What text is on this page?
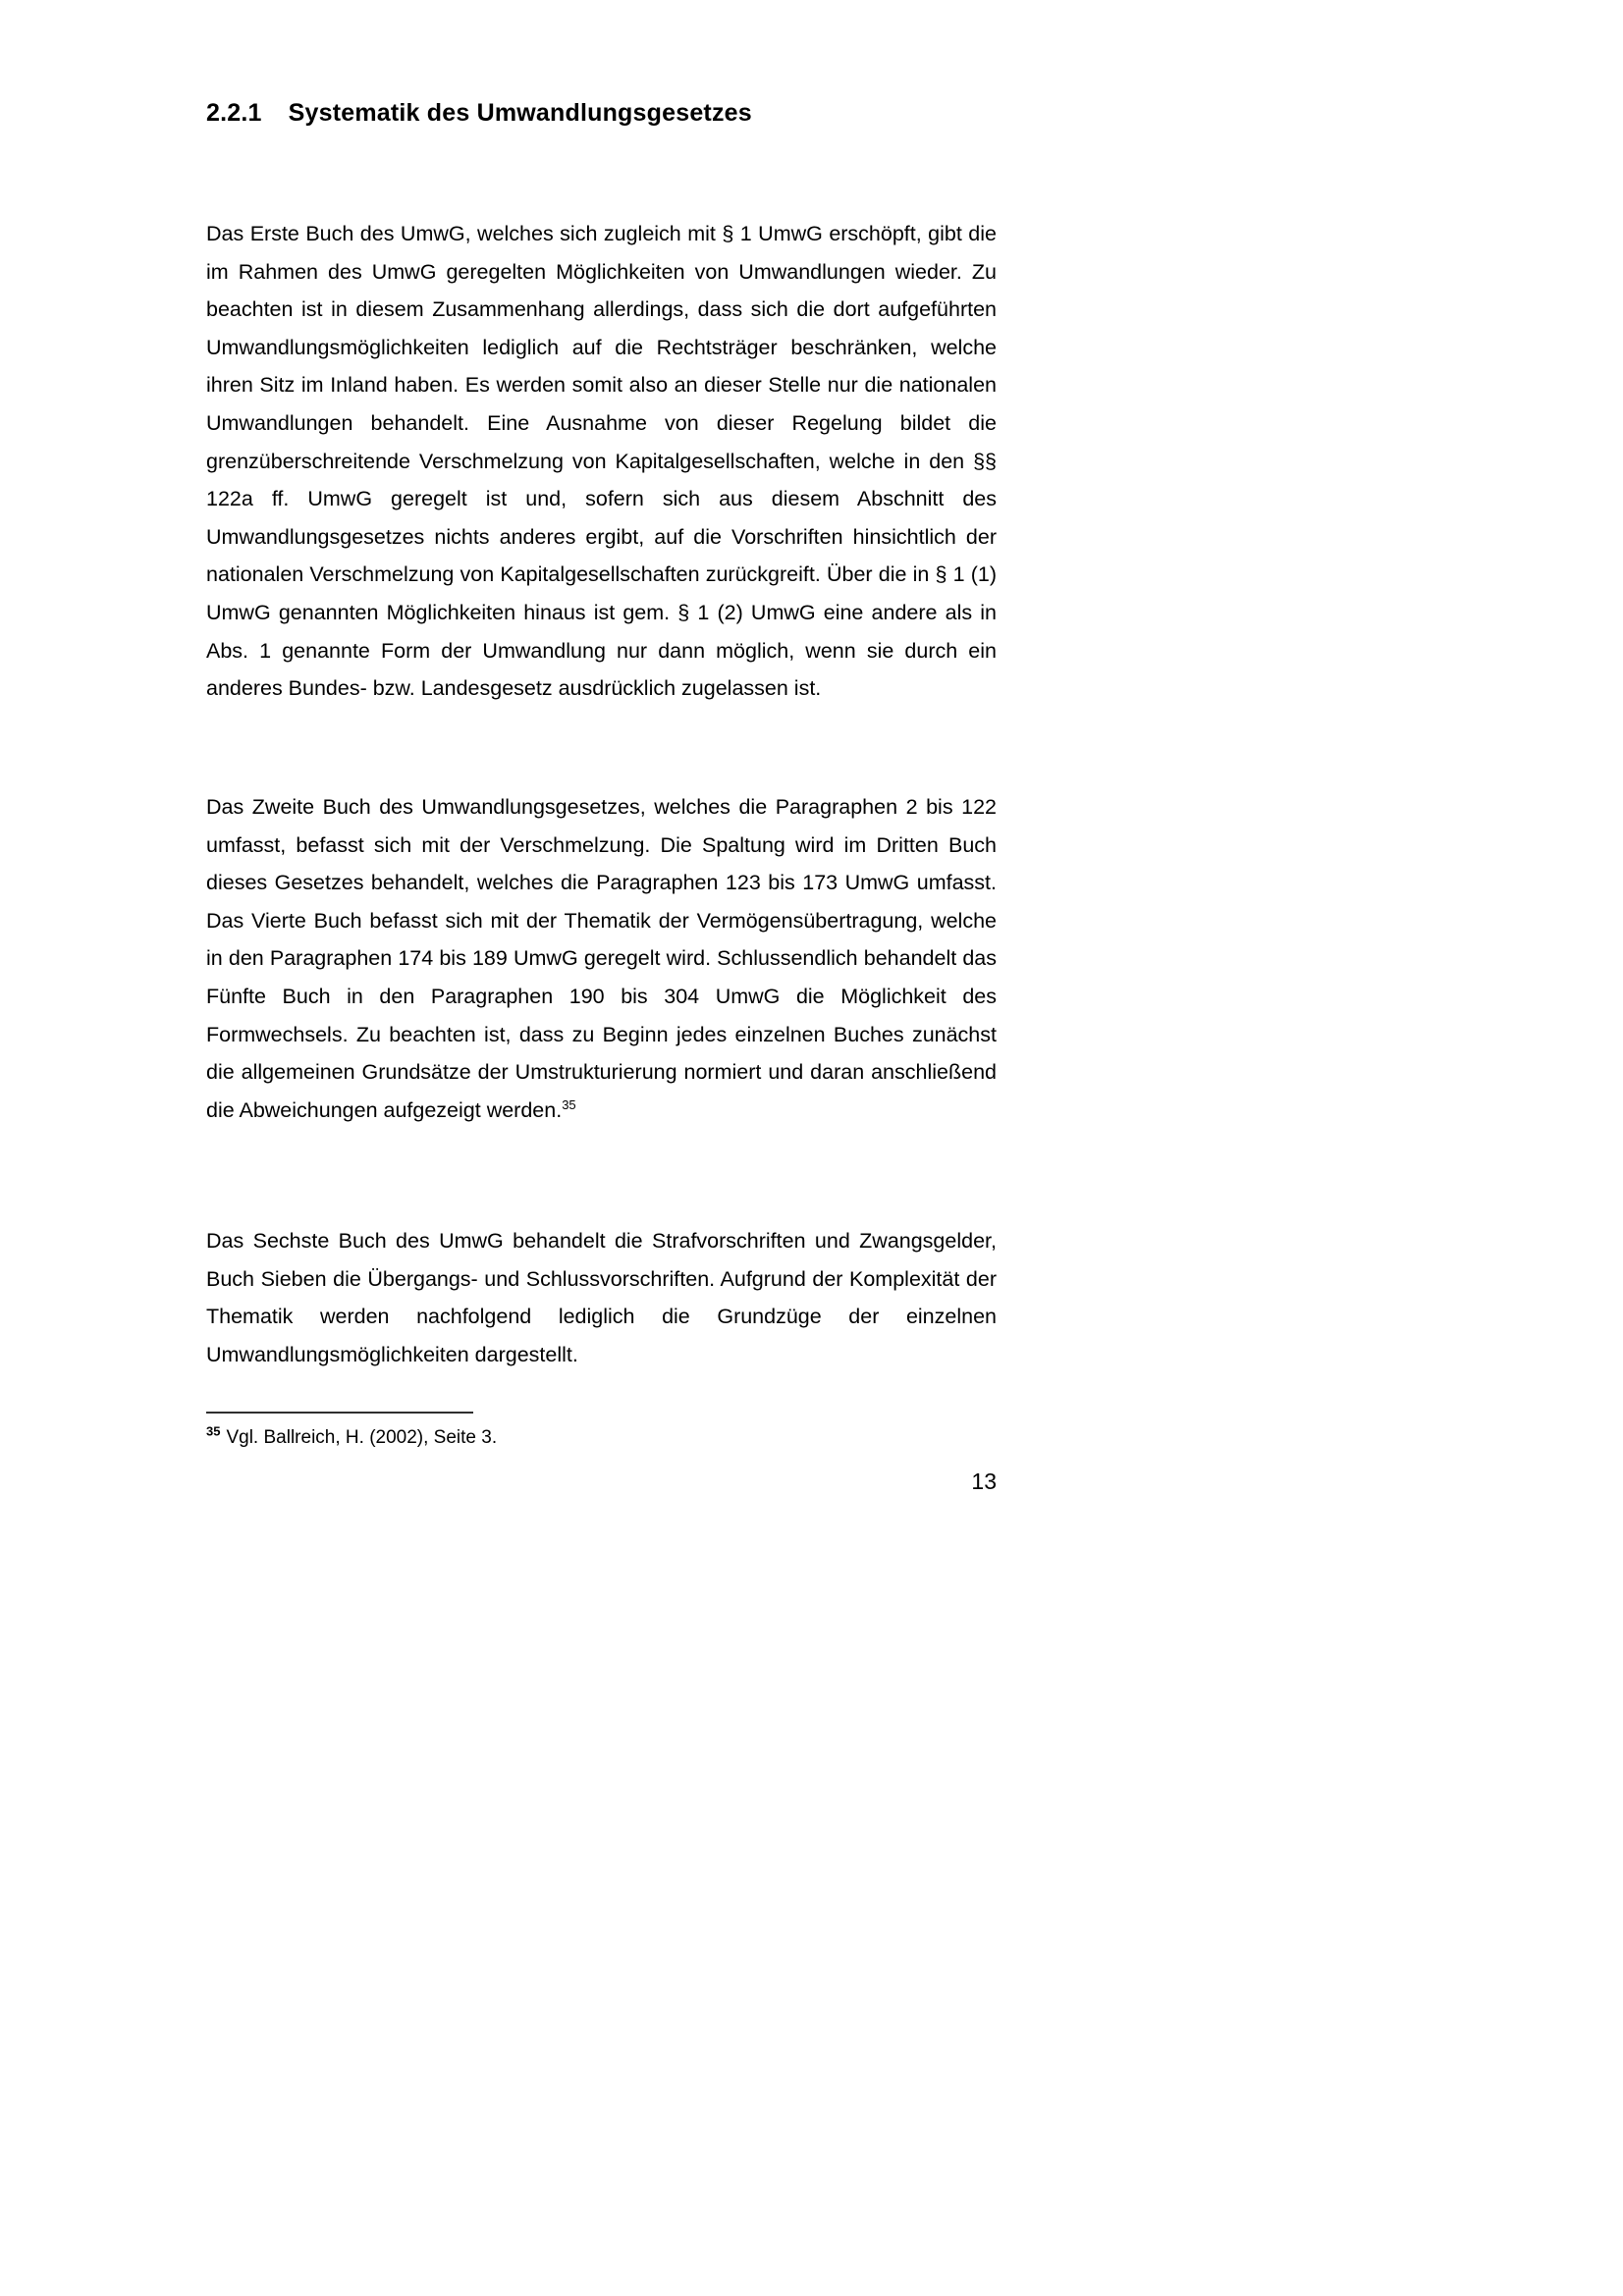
2.2.1 Systematik des Umwandlungsgesetzes

Das Erste Buch des UmwG, welches sich zugleich mit § 1 UmwG erschöpft, gibt die im Rahmen des UmwG geregelten Möglichkeiten von Umwandlungen wieder. Zu beachten ist in diesem Zusammenhang allerdings, dass sich die dort aufgeführten Umwandlungsmöglichkeiten lediglich auf die Rechtsträger beschränken, welche ihren Sitz im Inland haben. Es werden somit also an dieser Stelle nur die nationalen Umwandlungen behandelt. Eine Ausnahme von dieser Regelung bildet die grenzüberschreitende Verschmelzung von Kapitalgesellschaften, welche in den §§ 122a ff. UmwG geregelt ist und, sofern sich aus diesem Abschnitt des Umwandlungsgesetzes nichts anderes ergibt, auf die Vorschriften hinsichtlich der nationalen Verschmelzung von Kapitalgesellschaften zurückgreift. Über die in § 1 (1) UmwG genannten Möglichkeiten hinaus ist gem. § 1 (2) UmwG eine andere als in Abs. 1 genannte Form der Umwandlung nur dann möglich, wenn sie durch ein anderes Bundes- bzw. Landesgesetz ausdrücklich zugelassen ist.

Das Zweite Buch des Umwandlungsgesetzes, welches die Paragraphen 2 bis 122 umfasst, befasst sich mit der Verschmelzung. Die Spaltung wird im Dritten Buch dieses Gesetzes behandelt, welches die Paragraphen 123 bis 173 UmwG umfasst. Das Vierte Buch befasst sich mit der Thematik der Vermögensübertragung, welche in den Paragraphen 174 bis 189 UmwG geregelt wird. Schlussendlich behandelt das Fünfte Buch in den Paragraphen 190 bis 304 UmwG die Möglichkeit des Formwechsels. Zu beachten ist, dass zu Beginn jedes einzelnen Buches zunächst die allgemeinen Grundsätze der Umstrukturierung normiert und daran anschließend die Abweichungen aufgezeigt werden.$^{35}$

Das Sechste Buch des UmwG behandelt die Strafvorschriften und Zwangsgelder, Buch Sieben die Übergangs- und Schlussvorschriften. Aufgrund der Komplexität der Thematik werden nachfolgend lediglich die Grundzüge der einzelnen Umwandlungsmöglichkeiten dargestellt.

$^{35}$ Vgl. Ballreich, H. (2002), Seite 3.

13
